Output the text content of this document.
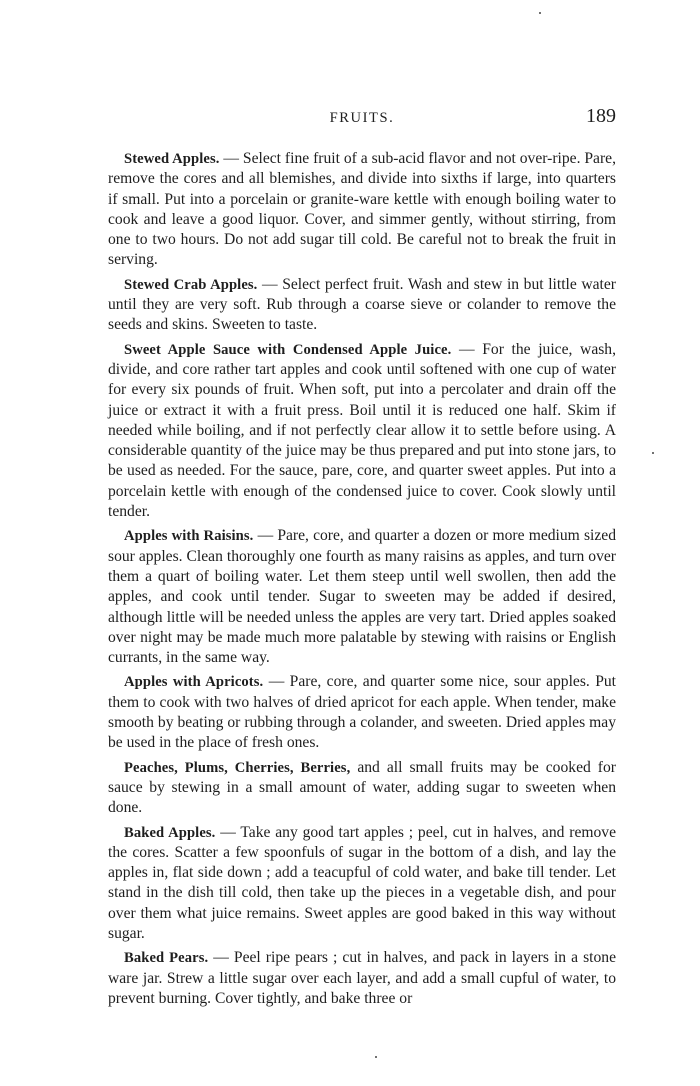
FRUITS.	189

Stewed Apples. — Select fine fruit of a sub-acid flavor and not over-ripe. Pare, remove the cores and all blemishes, and divide into sixths if large, into quarters if small. Put into a porcelain or granite-ware kettle with enough boiling water to cook and leave a good liquor. Cover, and simmer gently, without stirring, from one to two hours. Do not add sugar till cold. Be careful not to break the fruit in serving.

Stewed Crab Apples. — Select perfect fruit. Wash and stew in but little water until they are very soft. Rub through a coarse sieve or colander to remove the seeds and skins. Sweeten to taste.

Sweet Apple Sauce with Condensed Apple Juice. — For the juice, wash, divide, and core rather tart apples and cook until softened with one cup of water for every six pounds of fruit. When soft, put into a percolater and drain off the juice or extract it with a fruit press. Boil until it is reduced one half. Skim if needed while boiling, and if not perfectly clear allow it to settle before using. A considerable quantity of the juice may be thus prepared and put into stone jars, to be used as needed. For the sauce, pare, core, and quarter sweet apples. Put into a porcelain kettle with enough of the condensed juice to cover. Cook slowly until tender.

Apples with Raisins. — Pare, core, and quarter a dozen or more medium sized sour apples. Clean thoroughly one fourth as many raisins as apples, and turn over them a quart of boiling water. Let them steep until well swollen, then add the apples, and cook until tender. Sugar to sweeten may be added if desired, although little will be needed unless the apples are very tart. Dried apples soaked over night may be made much more palatable by stewing with raisins or English currants, in the same way.

Apples with Apricots. — Pare, core, and quarter some nice, sour apples. Put them to cook with two halves of dried apricot for each apple. When tender, make smooth by beating or rubbing through a colander, and sweeten. Dried apples may be used in the place of fresh ones.

Peaches, Plums, Cherries, Berries, and all small fruits may be cooked for sauce by stewing in a small amount of water, adding sugar to sweeten when done.

Baked Apples. — Take any good tart apples ; peel, cut in halves, and remove the cores. Scatter a few spoonfuls of sugar in the bottom of a dish, and lay the apples in, flat side down ; add a teacupful of cold water, and bake till tender. Let stand in the dish till cold, then take up the pieces in a vegetable dish, and pour over them what juice remains. Sweet apples are good baked in this way without sugar.

Baked Pears. — Peel ripe pears ; cut in halves, and pack in layers in a stone ware jar. Strew a little sugar over each layer, and add a small cupful of water, to prevent burning. Cover tightly, and bake three or
